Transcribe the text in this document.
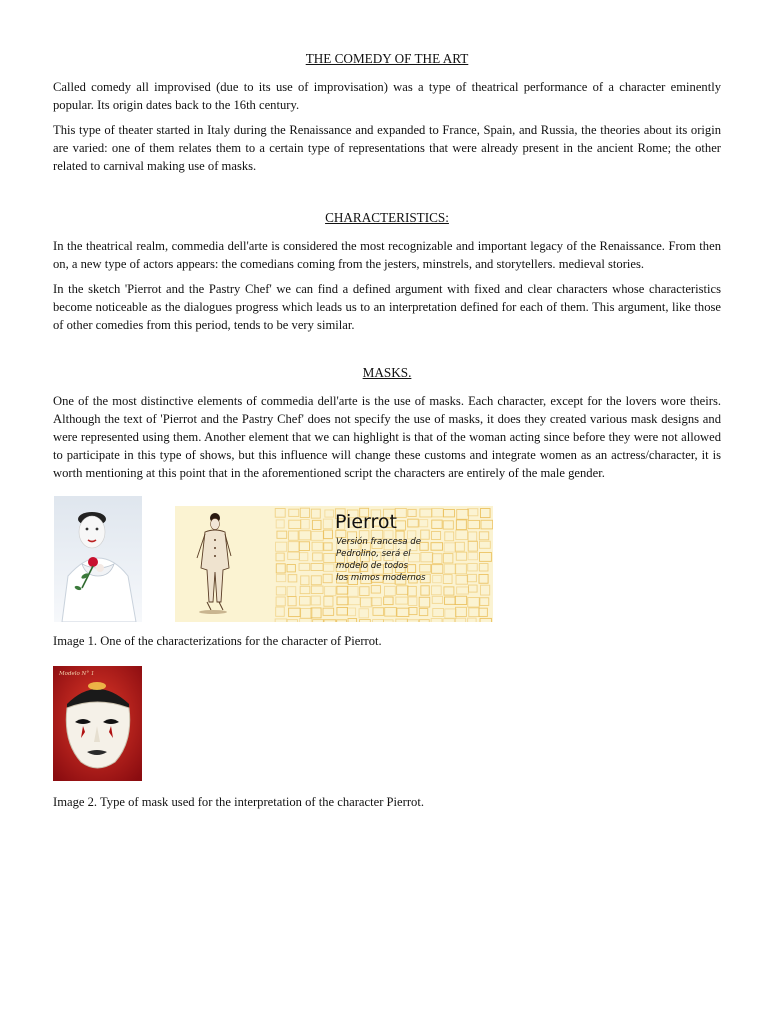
THE COMEDY OF THE ART

Called comedy all improvised (due to its use of improvisation) was a type of theatrical performance of a character eminently popular. Its origin dates back to the 16th century.

This type of theater started in Italy during the Renaissance and expanded to France, Spain, and Russia, the theories about its origin are varied: one of them relates them to a certain type of representations that were already present in the ancient Rome; the other related to carnival making use of masks.

CHARACTERISTICS:

In the theatrical realm, commedia dell'arte is considered the most recognizable and important legacy of the Renaissance. From then on, a new type of actors appears: the comedians coming from the jesters, minstrels, and storytellers. medieval stories.

In the sketch 'Pierrot and the Pastry Chef' we can find a defined argument with fixed and clear characters whose characteristics become noticeable as the dialogues progress which leads us to an interpretation defined for each of them. This argument, like those of other comedies from this period, tends to be very similar.

MASKS.

One of the most distinctive elements of commedia dell'arte is the use of masks. Each character, except for the lovers wore theirs. Although the text of 'Pierrot and the Pastry Chef' does not specify the use of masks, it does they created various mask designs and were represented using them. Another element that we can highlight is that of the woman acting since before they were not allowed to participate in this type of shows, but this influence will change these customs and integrate women as an actress/character, it is worth mentioning at this point that in the aforementioned script the characters are entirely of the male gender.

Pierrot
Versión francesa de
Pedrolino, será el
modelo de todos
los mimos modernos

Image 1. One of the characterizations for the character of Pierrot.

Modelo N° 1

Image 2. Type of mask used for the interpretation of the character Pierrot.
